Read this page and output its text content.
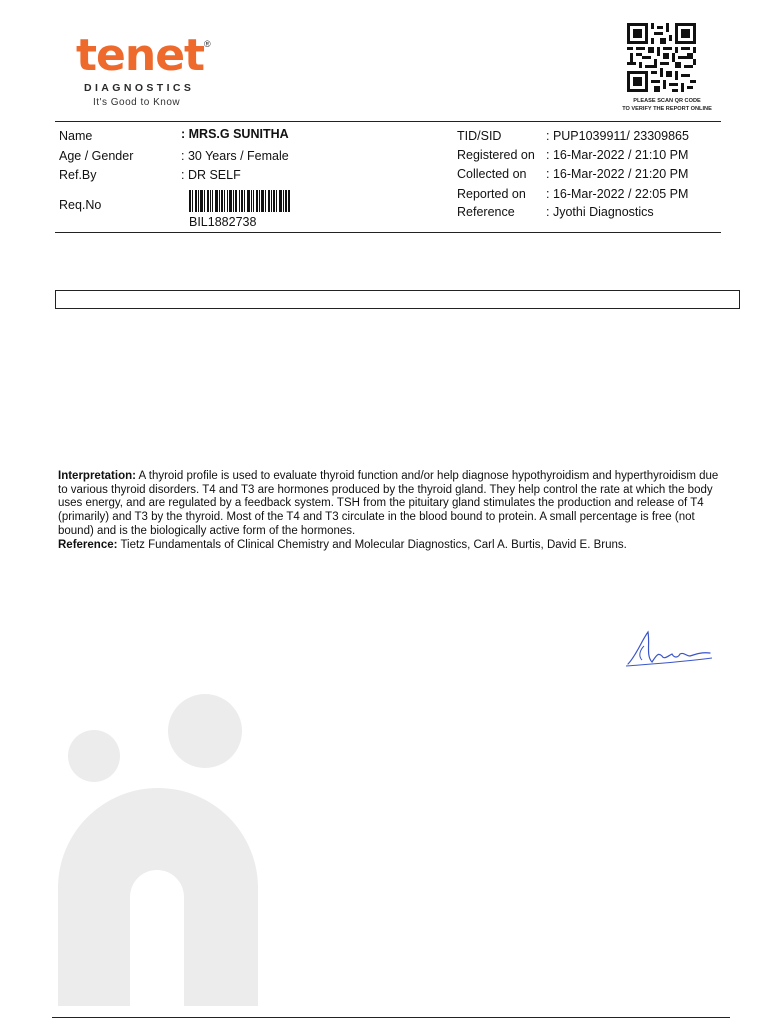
tenet ®
DIAGNOSTICS
It's Good to Know	PLEASE SCAN QR CODE
TO VERIFY THE REPORT ONLINE
Name	: MRS.G SUNITHA
Age / Gender	: 30 Years / Female
Ref.By	: DR SELF
Req.No
BIL1882738
TID/SID	: PUP1039911/ 23309865
Registered on : 16-Mar-2022 / 21:10 PM
Collected on : 16-Mar-2022 / 21:20 PM
Reported on : 16-Mar-2022 / 22:05 PM
Reference	: Jyothi Diagnostics
Interpretation: A thyroid profile is used to evaluate thyroid function and/or help diagnose hypothyroidism and hyperthyroidism due to various thyroid disorders. T4 and T3 are hormones produced by the thyroid gland. They help control the rate at which the body uses energy, and are regulated by a feedback system. TSH from the pituitary gland stimulates the production and release of T4 (primarily) and T3 by the thyroid. Most of the T4 and T3 circulate in the blood bound to protein. A small percentage is free (not bound) and is the biologically active form of the hormones.
Reference: Tietz Fundamentals of Clinical Chemistry and Molecular Diagnostics, Carl A. Burtis, David E. Bruns.
